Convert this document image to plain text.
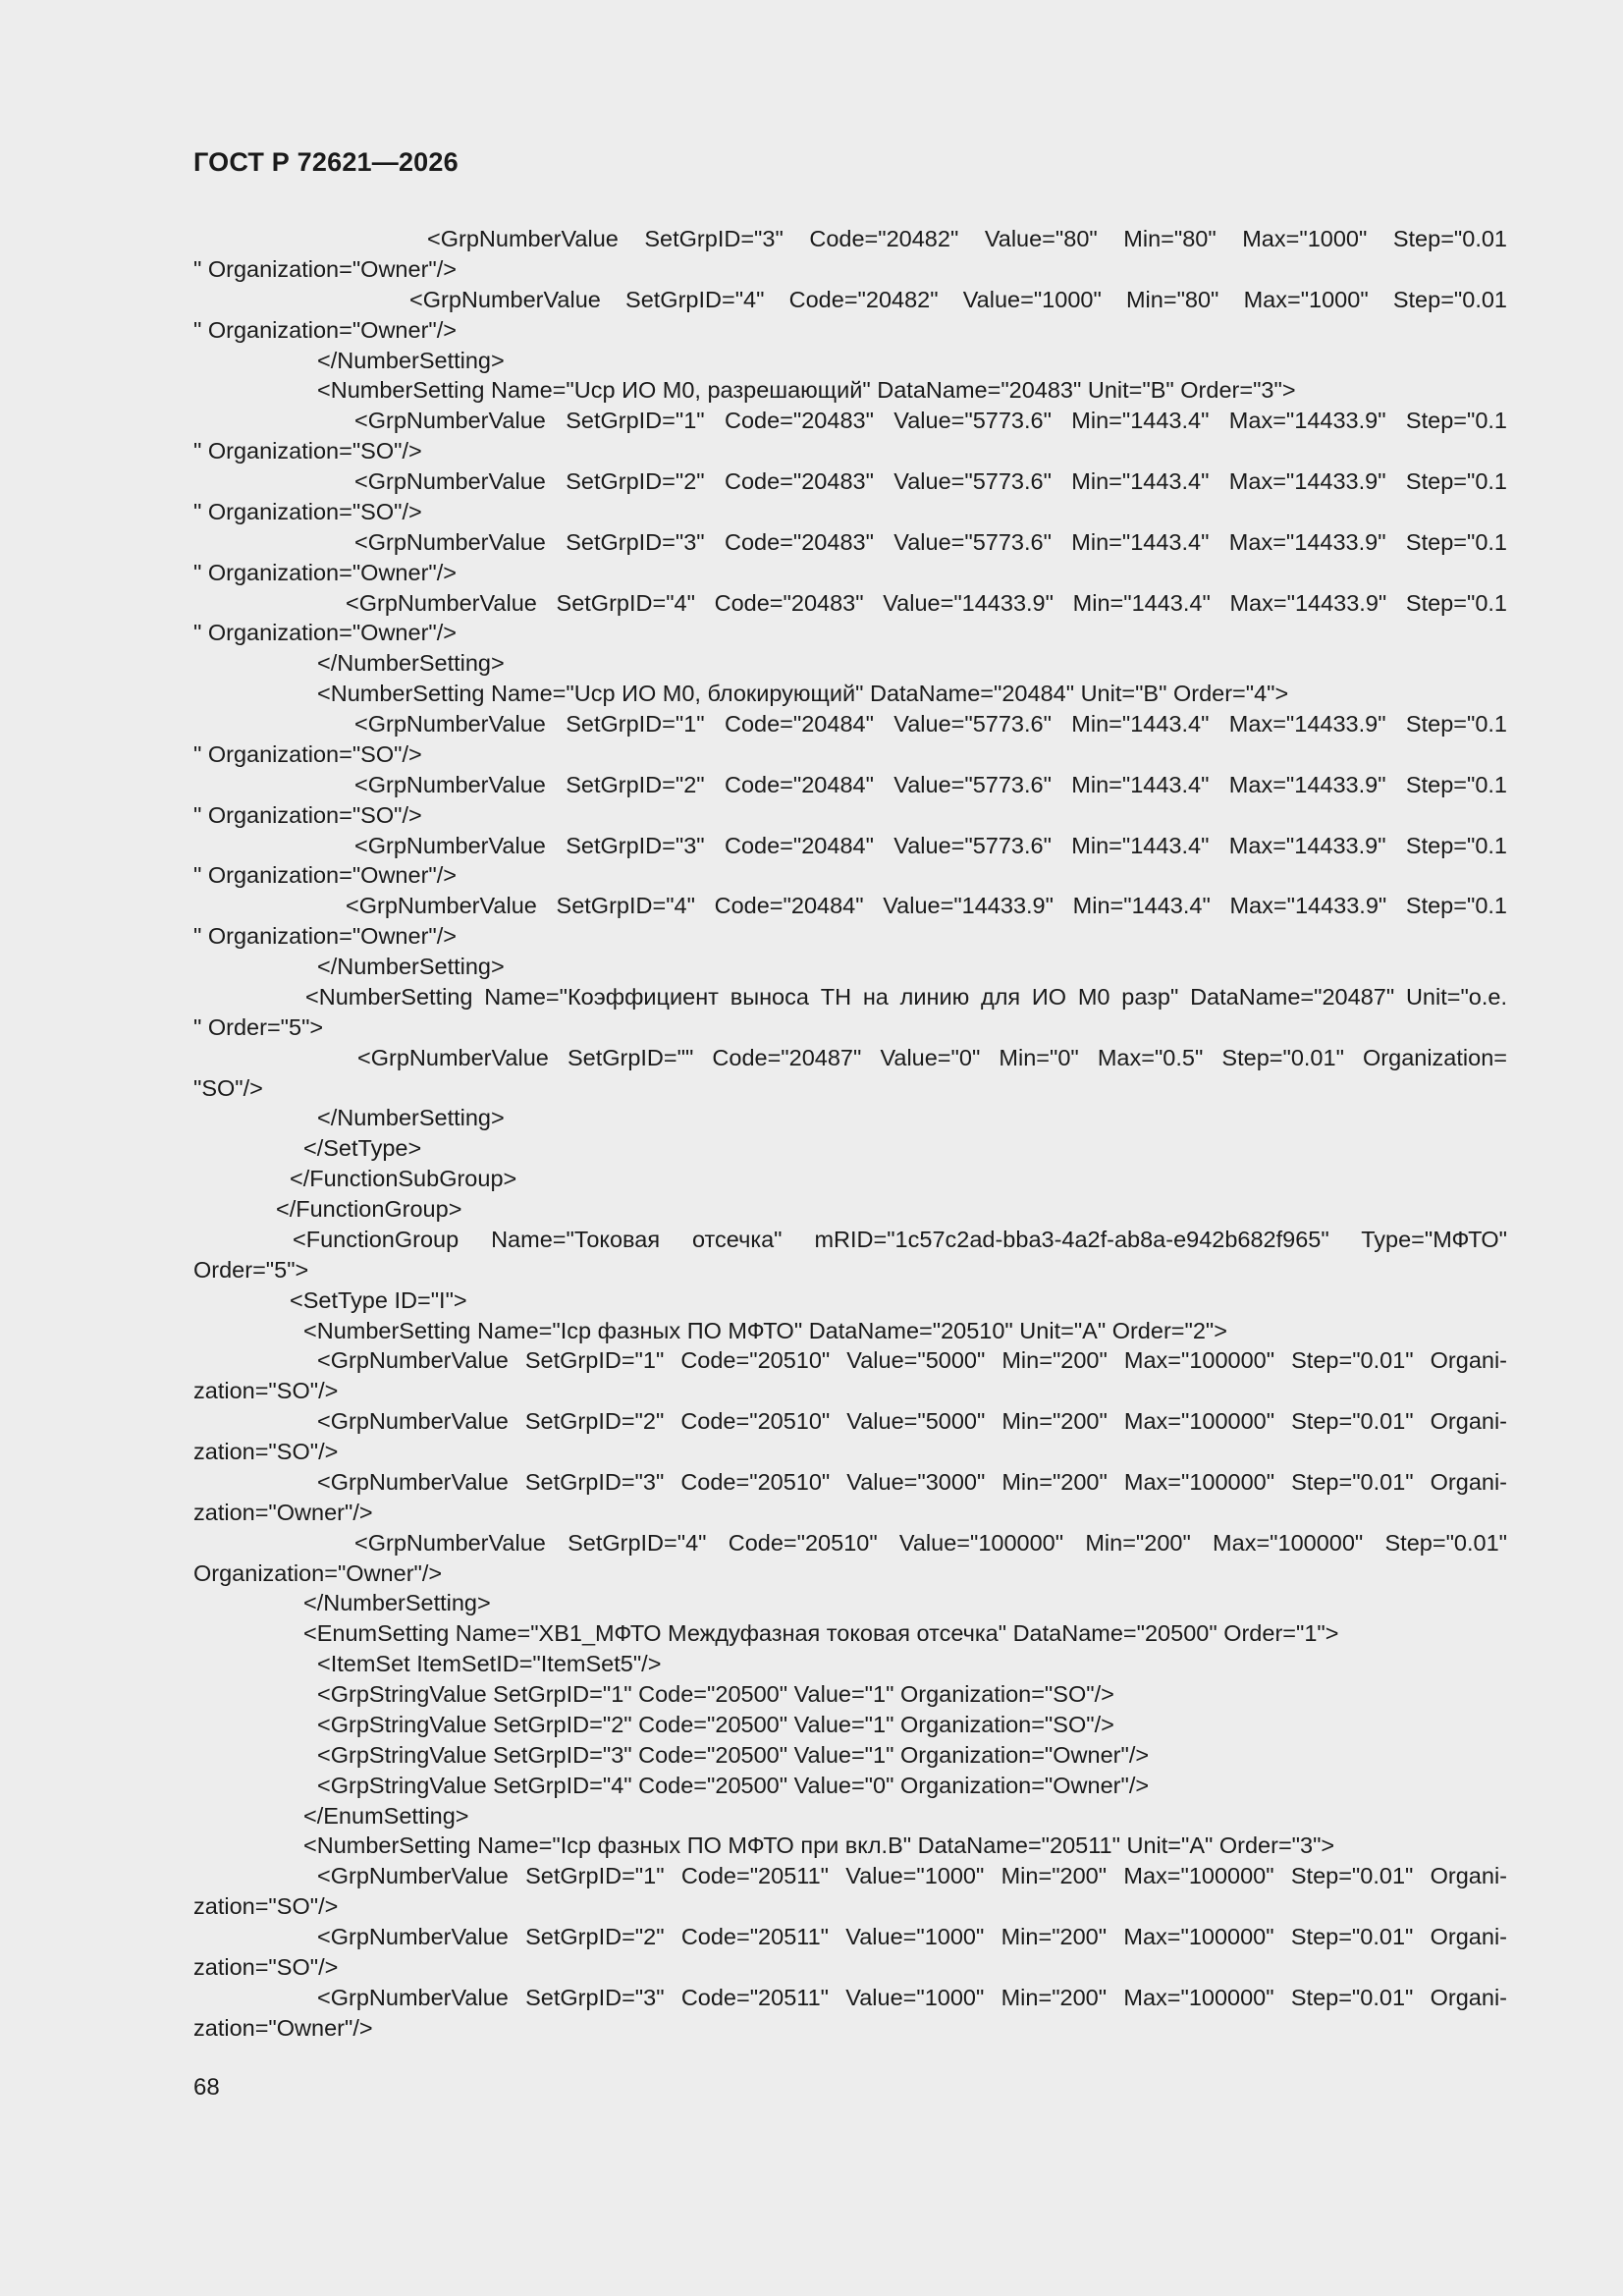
ГОСТ Р 72621—2026
<GrpNumberValue SetGrpID="3" Code="20482" Value="80" Min="80" Max="1000" Step="0.01
" Organization="Owner"/>
<GrpNumberValue SetGrpID="4" Code="20482" Value="1000" Min="80" Max="1000" Step="0.01
" Organization="Owner"/>
</NumberSetting>
<NumberSetting Name="Ucр ИО М0, разрешающий" DataName="20483" Unit="В" Order="3">
<GrpNumberValue SetGrpID="1" Code="20483" Value="5773.6" Min="1443.4" Max="14433.9" Step="0.1
" Organization="SO"/>
<GrpNumberValue SetGrpID="2" Code="20483" Value="5773.6" Min="1443.4" Max="14433.9" Step="0.1
" Organization="SO"/>
<GrpNumberValue SetGrpID="3" Code="20483" Value="5773.6" Min="1443.4" Max="14433.9" Step="0.1
" Organization="Owner"/>
<GrpNumberValue SetGrpID="4" Code="20483" Value="14433.9" Min="1443.4" Max="14433.9" Step="0.1
" Organization="Owner"/>
</NumberSetting>
<NumberSetting Name="Ucр ИО М0, блокирующий" DataName="20484" Unit="В" Order="4">
<GrpNumberValue SetGrpID="1" Code="20484" Value="5773.6" Min="1443.4" Max="14433.9" Step="0.1
" Organization="SO"/>
<GrpNumberValue SetGrpID="2" Code="20484" Value="5773.6" Min="1443.4" Max="14433.9" Step="0.1
" Organization="SO"/>
<GrpNumberValue SetGrpID="3" Code="20484" Value="5773.6" Min="1443.4" Max="14433.9" Step="0.1
" Organization="Owner"/>
<GrpNumberValue SetGrpID="4" Code="20484" Value="14433.9" Min="1443.4" Max="14433.9" Step="0.1
" Organization="Owner"/>
</NumberSetting>
<NumberSetting Name="Коэффициент выноса ТН на линию для ИО М0 разр" DataName="20487" Unit="о.е.
" Order="5">
<GrpNumberValue SetGrpID="" Code="20487" Value="0" Min="0" Max="0.5" Step="0.01" Organization=
"SO"/>
</NumberSetting>
</SetType>
</FunctionSubGroup>
</FunctionGroup>
<FunctionGroup Name="Токовая отсечка" mRID="1c57c2ad-bba3-4a2f-ab8a-e942b682f965" Type="МФТО"
Order="5">
<SetType ID="I">
<NumberSetting Name="Iср фазных ПО МФТО" DataName="20510" Unit="А" Order="2">
<GrpNumberValue SetGrpID="1" Code="20510" Value="5000" Min="200" Max="100000" Step="0.01" Organi-
zation="SO"/>
<GrpNumberValue SetGrpID="2" Code="20510" Value="5000" Min="200" Max="100000" Step="0.01" Organi-
zation="SO"/>
<GrpNumberValue SetGrpID="3" Code="20510" Value="3000" Min="200" Max="100000" Step="0.01" Organi-
zation="Owner"/>
<GrpNumberValue SetGrpID="4" Code="20510" Value="100000" Min="200" Max="100000" Step="0.01"
Organization="Owner"/>
</NumberSetting>
<EnumSetting Name="ХВ1_МФТО Междуфазная токовая отсечка" DataName="20500" Order="1">
<ItemSet ItemSetID="ItemSet5"/>
<GrpStringValue SetGrpID="1" Code="20500" Value="1" Organization="SO"/>
<GrpStringValue SetGrpID="2" Code="20500" Value="1" Organization="SO"/>
<GrpStringValue SetGrpID="3" Code="20500" Value="1" Organization="Owner"/>
<GrpStringValue SetGrpID="4" Code="20500" Value="0" Organization="Owner"/>
</EnumSetting>
<NumberSetting Name="Iср фазных ПО МФТО при вкл.В" DataName="20511" Unit="А" Order="3">
<GrpNumberValue SetGrpID="1" Code="20511" Value="1000" Min="200" Max="100000" Step="0.01" Organi-
zation="SO"/>
<GrpNumberValue SetGrpID="2" Code="20511" Value="1000" Min="200" Max="100000" Step="0.01" Organi-
zation="SO"/>
<GrpNumberValue SetGrpID="3" Code="20511" Value="1000" Min="200" Max="100000" Step="0.01" Organi-
zation="Owner"/>
68
